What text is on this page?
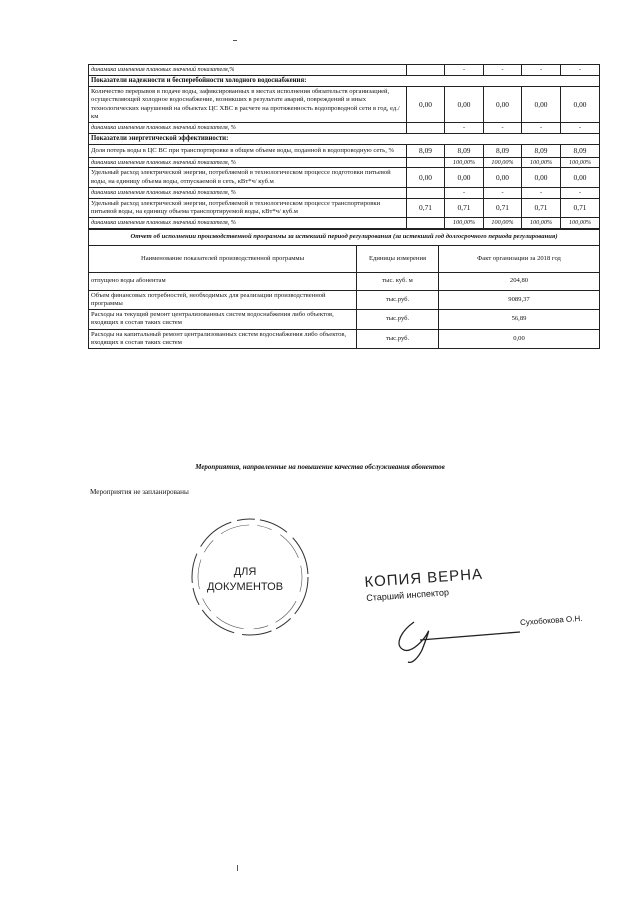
динамика изменения плановых значений показателя,%		-	-	-	-
Показатели надежности и бесперебойности холодного водоснабжения:					
Количество перерывов в подаче воды, зафиксированных в местах исполнения обязательств организацией, осуществляющей холодное водоснабжение, возникших в результате аварий, повреждений и иных технологических нарушений на объектах ЦС ХВС в расчете на протяженность водопроводной сети в год, ед./км	0,00	0,00	0,00	0,00	0,00
динамика изменения плановых значений показателя, %		-	-	-	-
Показатели энергетической эффективности:					
Доля потерь воды в ЦС ВС при транспортировке в общем объеме воды, поданной в водопроводную сеть, %	8,09	8,09	8,09	8,09	8,09
динамика изменения плановых значений показателя, %		100,00%	100,00%	100,00%	100,00%
Удельный расход электрической энергии, потребляемой в технологическом процессе подготовки питьевой воды, на единицу объема воды, отпускаемой в сеть, кВт*ч/ куб.м	0,00	0,00	0,00	0,00	0,00
динамика изменения плановых значений показателя, %		-	-	-	-
Удельный расход электрической энергии, потребляемой в технологическом процессе транспортировки питьевой воды, на единицу объема транспортируемой воды, кВт*ч/ куб.м	0,71	0,71	0,71	0,71	0,71
динамика изменения плановых значений показателя, %		100,00%	100,00%	100,00%	100,00%
Отчет об исполнении производственной программы за истекший период регулирования (за истекший год долгосрочного периода регулирования)		
Наименование показателей производственной программы	Единицы измерения	Факт организации за 2018 год
отпущено воды абонентам	тыс. куб. м	204,80
Объем финансовых потребностей, необходимых для реализации производственной программы	тыс.руб.	9089,37
Расходы на текущий ремонт централизованных систем водоснабжения либо объектов, входящих в состав таких систем	тыс.руб.	56,89
Расходы на капитальный ремонт централизованных систем водоснабжения либо объектов, входящих в состав таких систем	тыс.руб.	0,00
Мероприятия, направленные на повышение качества обслуживания абонентов
Мероприятия не запланированы
ДЛЯ
ДОКУМЕНТОВ	КОПИЯ ВЕРНА
Старший инспектор
Сухобокова О.Н.
